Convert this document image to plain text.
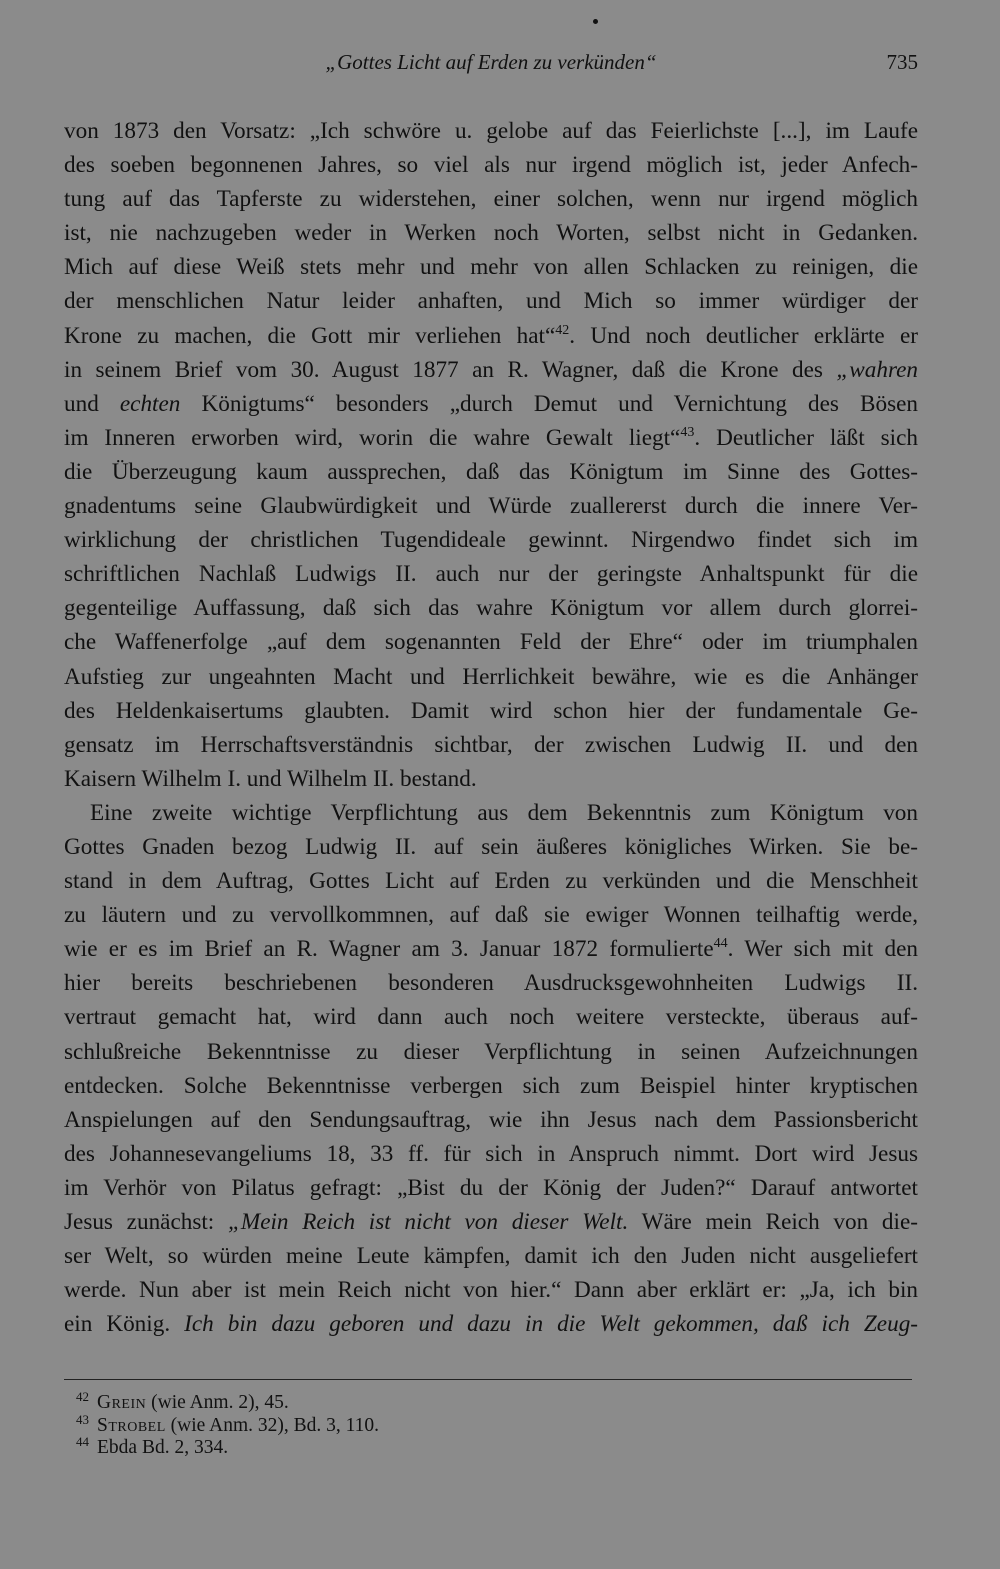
„Gottes Licht auf Erden zu verkünden“	735
von 1873 den Vorsatz: „Ich schwöre u. gelobe auf das Feierlichste [...], im Laufe
des soeben begonnenen Jahres, so viel als nur irgend möglich ist, jeder Anfech-
tung auf das Tapferste zu widerstehen, einer solchen, wenn nur irgend möglich
ist, nie nachzugeben weder in Werken noch Worten, selbst nicht in Gedanken.
Mich auf diese Weiß stets mehr und mehr von allen Schlacken zu reinigen, die
der menschlichen Natur leider anhaften, und Mich so immer würdiger der
Krone zu machen, die Gott mir verliehen hat“$^{42}$. Und noch deutlicher erklärte er
in seinem Brief vom 30. August 1877 an R. Wagner, daß die Krone des „wahren
und echten Königtums“ besonders „durch Demut und Vernichtung des Bösen
im Inneren erworben wird, worin die wahre Gewalt liegt“$^{43}$. Deutlicher läßt sich
die Überzeugung kaum aussprechen, daß das Königtum im Sinne des Gottes-
gnadentums seine Glaubwürdigkeit und Würde zuallererst durch die innere Ver-
wirklichung der christlichen Tugendideale gewinnt. Nirgendwo findet sich im
schriftlichen Nachlaß Ludwigs II. auch nur der geringste Anhaltspunkt für die
gegenteilige Auffassung, daß sich das wahre Königtum vor allem durch glorrei-
che Waffenerfolge „auf dem sogenannten Feld der Ehre“ oder im triumphalen
Aufstieg zur ungeahnten Macht und Herrlichkeit bewähre, wie es die Anhänger
des Heldenkaisertums glaubten. Damit wird schon hier der fundamentale Ge-
gensatz im Herrschaftsverständnis sichtbar, der zwischen Ludwig II. und den
Kaisern Wilhelm I. und Wilhelm II. bestand.
Eine zweite wichtige Verpflichtung aus dem Bekenntnis zum Königtum von
Gottes Gnaden bezog Ludwig II. auf sein äußeres königliches Wirken. Sie be-
stand in dem Auftrag, Gottes Licht auf Erden zu verkünden und die Menschheit
zu läutern und zu vervollkommnen, auf daß sie ewiger Wonnen teilhaftig werde,
wie er es im Brief an R. Wagner am 3. Januar 1872 formulierte$^{44}$. Wer sich mit den
hier bereits beschriebenen besonderen Ausdrucksgewohnheiten Ludwigs II.
vertraut gemacht hat, wird dann auch noch weitere versteckte, überaus auf-
schlußreiche Bekenntnisse zu dieser Verpflichtung in seinen Aufzeichnungen
entdecken. Solche Bekenntnisse verbergen sich zum Beispiel hinter kryptischen
Anspielungen auf den Sendungsauftrag, wie ihn Jesus nach dem Passionsbericht
des Johannesevangeliums 18, 33 ff. für sich in Anspruch nimmt. Dort wird Jesus
im Verhör von Pilatus gefragt: „Bist du der König der Juden?“ Darauf antwortet
Jesus zunächst: „Mein Reich ist nicht von dieser Welt. Wäre mein Reich von die-
ser Welt, so würden meine Leute kämpfen, damit ich den Juden nicht ausgeliefert
werde. Nun aber ist mein Reich nicht von hier.“ Dann aber erklärt er: „Ja, ich bin
ein König. Ich bin dazu geboren und dazu in die Welt gekommen, daß ich Zeug-
$^{42}$ Grein (wie Anm. 2), 45.
$^{43}$ Strobel (wie Anm. 32), Bd. 3, 110.
$^{44}$ Ebda Bd. 2, 334.
